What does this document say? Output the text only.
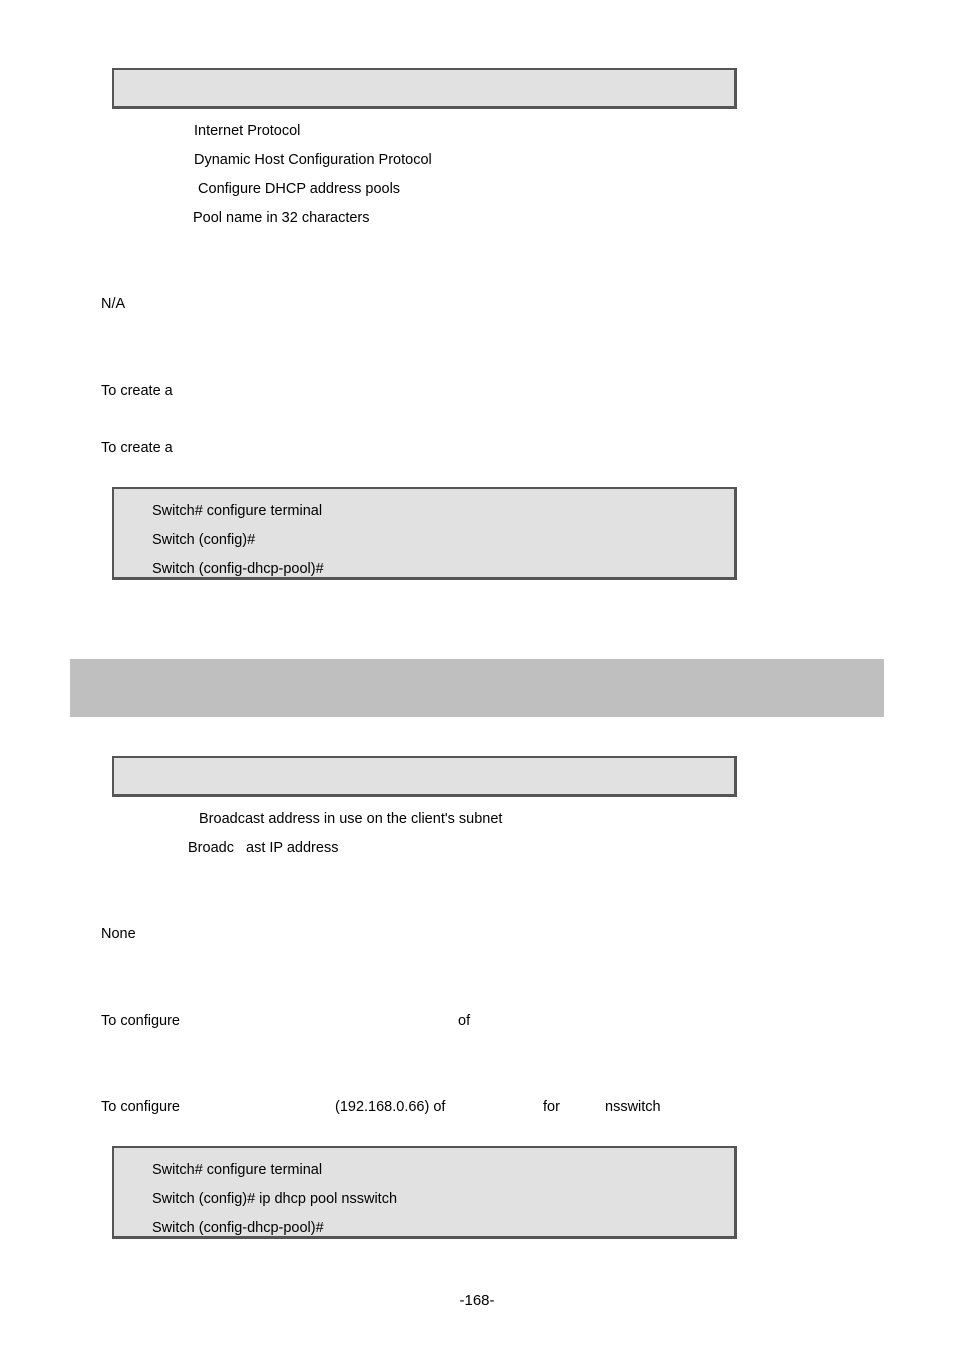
Internet Protocol
Dynamic Host Configuration Protocol
Configure DHCP address pools
Pool name in 32 characters
N/A
To create a
To create a
Switch# configure terminal
Switch (config)#
Switch (config-dhcp-pool)#
Broadcast address in use on the client's subnet
Broadc   ast IP address
None
To configure	of
To configure	(192.168.0.66) of	for	nsswitch
Switch# configure terminal
Switch (config)# ip dhcp pool nsswitch
Switch (config-dhcp-pool)#
-168-
